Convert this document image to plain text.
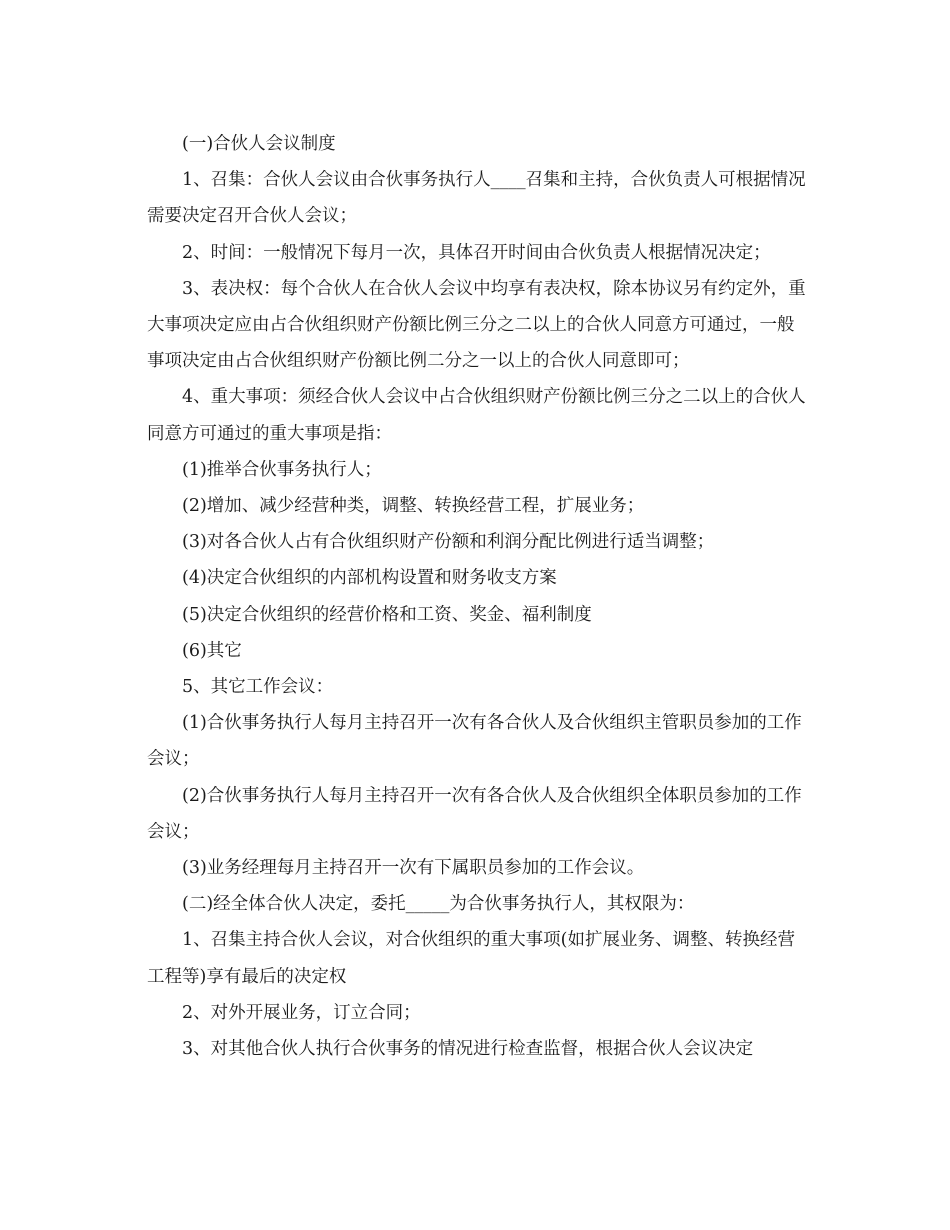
(一)合伙人会议制度

1、召集：合伙人会议由合伙事务执行人____召集和主持，合伙负责人可根据情况需要决定召开合伙人会议；

2、时间：一般情况下每月一次，具体召开时间由合伙负责人根据情况决定；

3、表决权：每个合伙人在合伙人会议中均享有表决权，除本协议另有约定外，重大事项决定应由占合伙组织财产份额比例三分之二以上的合伙人同意方可通过，一般事项决定由占合伙组织财产份额比例二分之一以上的合伙人同意即可；

4、重大事项：须经合伙人会议中占合伙组织财产份额比例三分之二以上的合伙人同意方可通过的重大事项是指：

(1)推举合伙事务执行人；

(2)增加、减少经营种类，调整、转换经营工程，扩展业务；

(3)对各合伙人占有合伙组织财产份额和利润分配比例进行适当调整；

(4)决定合伙组织的内部机构设置和财务收支方案

(5)决定合伙组织的经营价格和工资、奖金、福利制度

(6)其它

5、其它工作会议：

(1)合伙事务执行人每月主持召开一次有各合伙人及合伙组织主管职员参加的工作会议；

(2)合伙事务执行人每月主持召开一次有各合伙人及合伙组织全体职员参加的工作会议；

(3)业务经理每月主持召开一次有下属职员参加的工作会议。

(二)经全体合伙人决定，委托_____为合伙事务执行人，其权限为：

1、召集主持合伙人会议，对合伙组织的重大事项(如扩展业务、调整、转换经营工程等)享有最后的决定权

2、对外开展业务，订立合同；

3、对其他合伙人执行合伙事务的情况进行检查监督，根据合伙人会议决定
